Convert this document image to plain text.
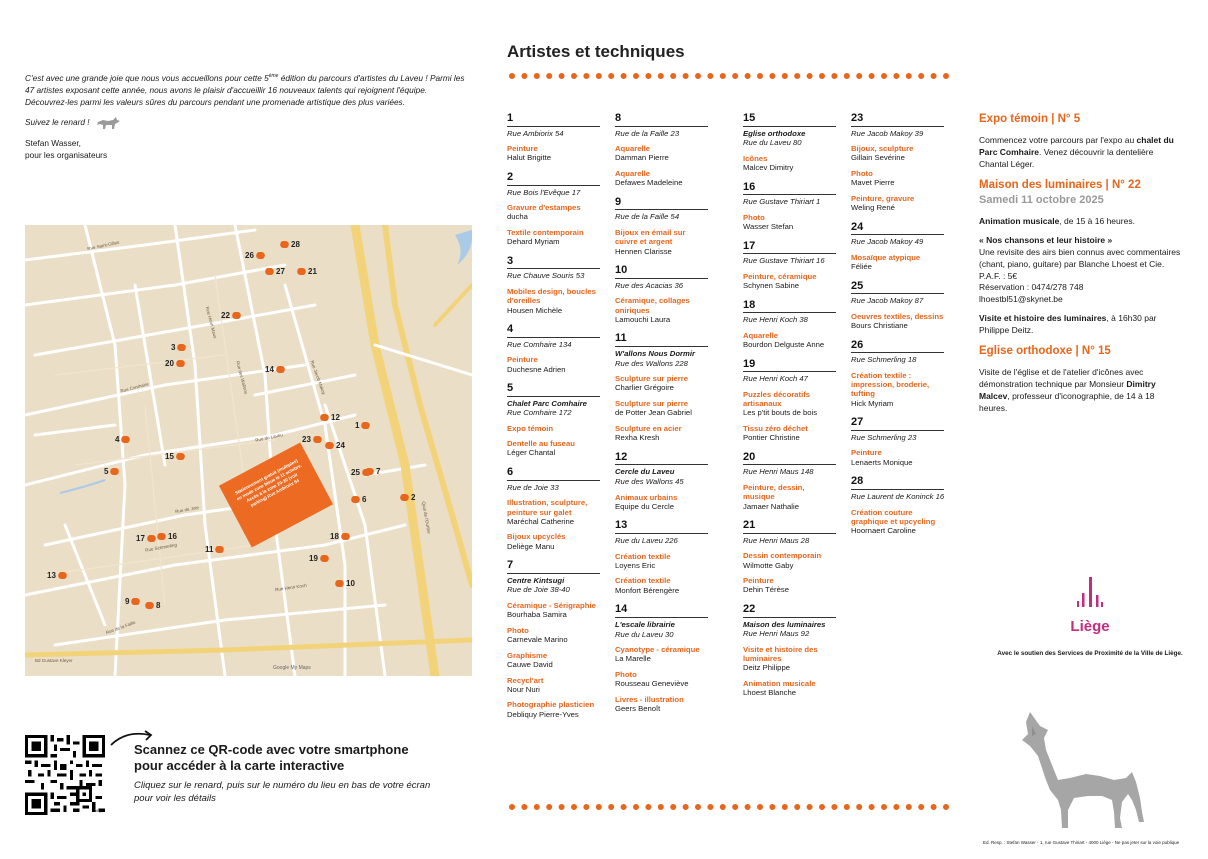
C'est avec une grande joie que nous vous accueillons pour cette 5ème édition du parcours d'artistes du Laveu ! Parmi les 47 artistes exposant cette année, nous avons le plaisir d'accueillir 16 nouveaux talents qui rejoignent l'équipe. Découvrez-les parmi les valeurs sûres du parcours pendant une promenade artistique des plus variées.

Suivez le renard !
Stefan Wasser,
pour les organisateurs
Rue Saint-Gilles
Rue de Joie
Rue Henri Maus
Rue Comhaire
Rue du Laveu
Rue Schmerling
Rue des Wallons
Bd Gustave Kleyer
Rue Jacob Makoy
Rue de la Faille
Rue Henri Koch
Quai de l'Ourthe
Stationnement gratuit (multiples) en mode zone bleue le 11 octobre. Accès à la zone 20-30 (voir parking) Rue Ambiorix 54
1
2
3
4
5
6
7
8
9
10
11
12
13
14
15
16
17	18
19
20
21
22
23
24
25
26
27
28
Google My Maps
bitly
Scannez ce QR-code avec votre smartphone pour accéder à la carte interactive
Cliquez sur le renard, puis sur le numéro du lieu en bas de votre écran pour voir les détails
Artistes et techniques
1
Rue Ambiorix 54
Peinture
Halut Brigitte
2
Rue Bois l'Evêque 17
Gravure d'estampes
ducha
Textile contemporain
Dehard Myriam
3
Rue Chauve Souris 53
Mobiles design, boucles d'oreilles
Housen Michèle
4
Rue Comhaire 134
Peinture
Duchesne Adrien
5
Chalet Parc Comhaire
Rue Comhaire 172
Expo témoin
Dentelle au fuseau
Léger Chantal
6
Rue de Joie 33
Illustration, sculpture, peinture sur galet
Maréchal Catherine
Bijoux upcyclés
Deliège Manu
7
Centre Kintsugi
Rue de Joie 38-40
Céramique - Sérigraphie
Bourhaba Samira
Photo
Carnevale Marino
Graphisme
Cauwe David
Recycl'art
Nour Nuri
Photographie plasticien
Debliquy Pierre-Yves
8
Rue de la Faille 23
Aquarelle
Damman Pierre
Aquarelle
Defawes Madeleine
9
Rue de la Faille 54
Bijoux en émail sur cuivre et argent
Hennen Clarisse
10
Rue des Acacias 36
Céramique, collages oniriques
Lamouchi Laura
11
W'allons Nous Dormir
Rue des Wallons 228
Sculpture sur pierre
Charlier Grégoire
Sculpture sur pierre
de Potter Jean Gabriel
Sculpture en acier
Rexha Kresh
12
Cercle du Laveu
Rue des Wallons 45
Animaux urbains
Equipe du Cercle
13
Rue du Laveu 226
Création textile
Loyens Eric
Création textile
Monfort Bérengère
14
L'escale librairie
Rue du Laveu 30
Cyanotype - céramique
La Marelle
Photo
Rousseau Geneviève
Livres - illustration
Geers Benoît
15
Eglise orthodoxe
Rue du Laveu 80
Icônes
Malcev Dimitry
16
Rue Gustave Thiriart 1
Photo
Wasser Stefan
17
Rue Gustave Thiriart 16
Peinture, céramique
Schynen Sabine
18
Rue Henri Koch 38
Aquarelle
Bourdon Delguste Anne
19
Rue Henri Koch 47
Puzzles décoratifs artisanaux
Les p'tit bouts de bois
Tissu zéro déchet
Pontier Christine
20
Rue Henri Maus 148
Peinture, dessin, musique
Jamaer Nathalie
21
Rue Henri Maus 28
Dessin contemporain
Wilmotte Gaby
Peinture
Dehin Térèse
22
Maison des luminaires
Rue Henri Maus 92
Visite et histoire des luminaires
Deitz Philippe
Animation musicale
Lhoest Blanche
23
Rue Jacob Makoy 39
Bijoux, sculpture
Gillain Sevérine
Photo
Mavet Pierre
Peinture, gravure
Weling René
24
Rue Jacob Makoy 49
Mosaïque atypique
Féliée
25
Rue Jacob Makoy 87
Oeuvres textiles, dessins
Bours Christiane
26
Rue Schmerling 18
Création textile : impression, broderie, tufting
Hick Myriam
27
Rue Schmerling 23
Peinture
Lenaerts Monique
28
Rue Laurent de Koninck 16
Création couture graphique et upcycling
Hoornaert Caroline
Expo témoin | N° 5

Commencez votre parcours par l'expo au chalet du Parc Comhaire. Venez découvrir la dentelière Chantal Léger.

Maison des luminaires | N° 22
Samedi 11 octobre 2025

Animation musicale, de 15 à 16 heures.

« Nos chansons et leur histoire »
Une revisite des airs bien connus avec commentaires (chant, piano, guitare) par Blanche Lhoest et Cie.
P.A.F. : 5€
Réservation : 0474/278 748
lhoestbl51@skynet.be

Visite et histoire des luminaires, à 16h30 par Philippe Deitz.

Eglise orthodoxe | N° 15

Visite de l'église et de l'atelier d'icônes avec démonstration technique par Monsieur Dimitry Malcev, professeur d'iconographie, de 14 à 18 heures.

Liège
Avec le soutien des Services de Proximité de la Ville de Liège.
Ed. Resp. : Stefan Wasser - 1, rue Gustave Thiriart - 4000 Liège - Ne pas jeter sur la voie publique
